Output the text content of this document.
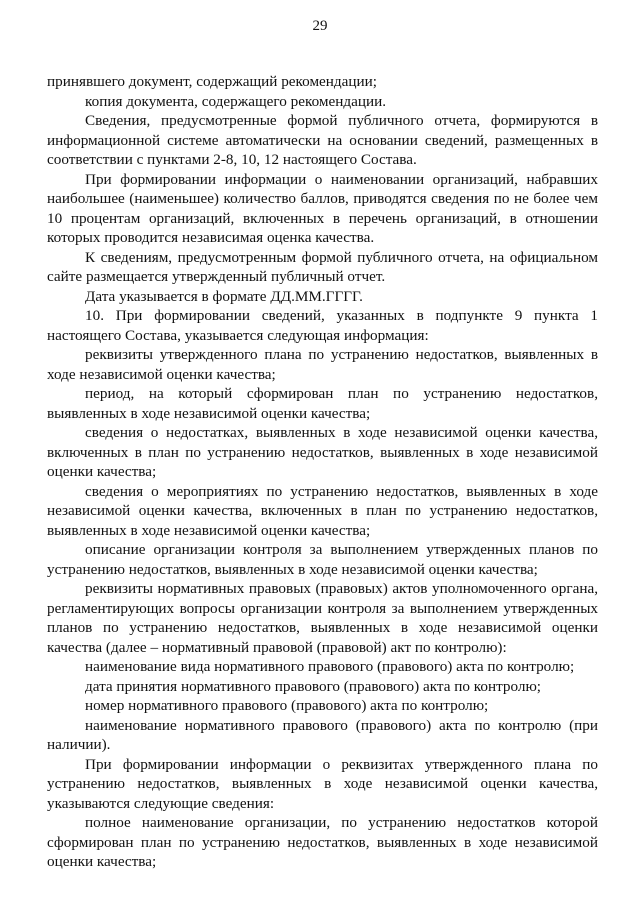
29

принявшего документ, содержащий рекомендации;

копия документа, содержащего рекомендации.

Сведения, предусмотренные формой публичного отчета, формируются в информационной системе автоматически на основании сведений, размещенных в соответствии с пунктами 2-8, 10, 12 настоящего Состава.

При формировании информации о наименовании организаций, набравших наибольшее (наименьшее) количество баллов, приводятся сведения по не более чем 10 процентам организаций, включенных в перечень организаций, в отношении которых проводится независимая оценка качества.

К сведениям, предусмотренным формой публичного отчета, на официальном сайте размещается утвержденный публичный отчет.

Дата указывается в формате ДД.ММ.ГГГГ.

10. При формировании сведений, указанных в подпункте 9 пункта 1 настоящего Состава, указывается следующая информация:

реквизиты утвержденного плана по устранению недостатков, выявленных в ходе независимой оценки качества;

период, на который сформирован план по устранению недостатков, выявленных в ходе независимой оценки качества;

сведения о недостатках, выявленных в ходе независимой оценки качества, включенных в план по устранению недостатков, выявленных в ходе независимой оценки качества;

сведения о мероприятиях по устранению недостатков, выявленных в ходе независимой оценки качества, включенных в план по устранению недостатков, выявленных в ходе независимой оценки качества;

описание организации контроля за выполнением утвержденных планов по устранению недостатков, выявленных в ходе независимой оценки качества;

реквизиты нормативных правовых (правовых) актов уполномоченного органа, регламентирующих вопросы организации контроля за выполнением утвержденных планов по устранению недостатков, выявленных в ходе независимой оценки качества (далее – нормативный правовой (правовой) акт по контролю):

наименование вида нормативного правового (правового) акта по контролю;

дата принятия нормативного правового (правового) акта по контролю;

номер нормативного правового (правового) акта по контролю;

наименование нормативного правового (правового) акта по контролю (при наличии).

При формировании информации о реквизитах утвержденного плана по устранению недостатков, выявленных в ходе независимой оценки качества, указываются следующие сведения:

полное наименование организации, по устранению недостатков которой сформирован план по устранению недостатков, выявленных в ходе независимой оценки качества;
